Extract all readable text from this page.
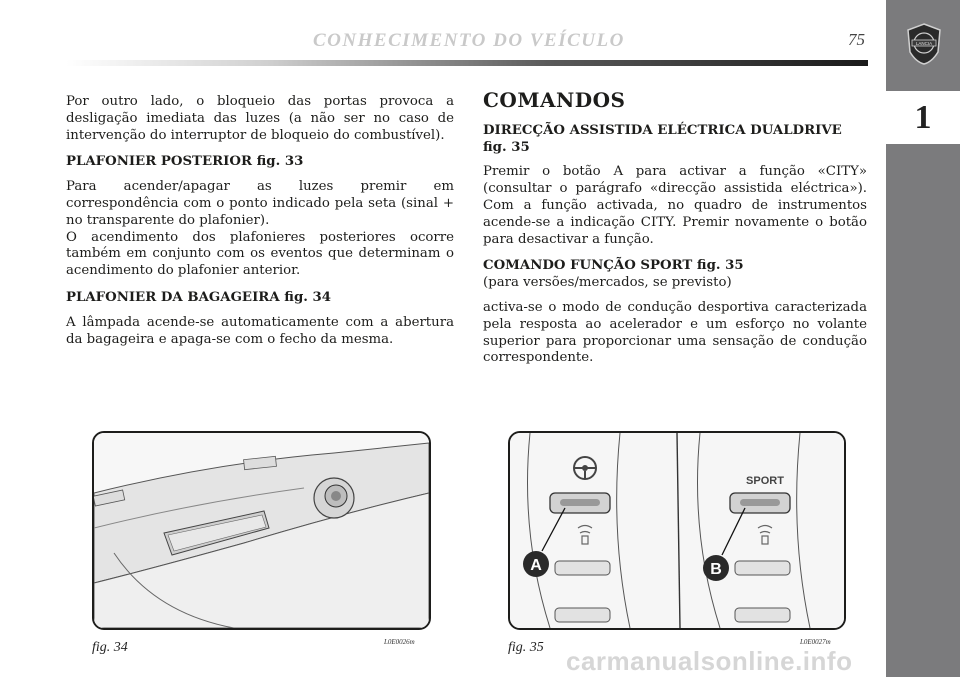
1
LANCIA
CONHECIMENTO DO VEÍCULO	75

Por outro lado, o bloqueio das portas provoca a desligação imediata das luzes (a não ser no caso de intervenção do interruptor de bloqueio do combustível).

PLAFONIER POSTERIOR fig. 33

Para acender/apagar as luzes premir em correspondência com o ponto indicado pela seta (sinal + no transparente do plafonier).

O acendimento dos plafonieres posteriores ocorre também em conjunto com os eventos que determinam o acendimento do plafonier anterior.

PLAFONIER DA BAGAGEIRA fig. 34

A lâmpada acende-se automaticamente com a abertura da bagageira e apaga-se com o fecho da mesma.

COMANDOS
DIRECÇÃO ASSISTIDA ELÉCTRICA DUALDRIVE fig. 35

Premir o botão A para activar a função «CITY» (consultar o parágrafo «direcção assistida eléctrica»). Com a função activada, no quadro de instrumentos acende-se a indicação CITY. Premir novamente o botão para desactivar a função.

COMANDO FUNÇÃO SPORT fig. 35

(para versões/mercados, se previsto)

activa-se o modo de condução desportiva caracterizada pela resposta ao acelerador e um esforço no volante superior para proporcionar uma sensação de condução correspondente.

fig. 34	L0E0026m
SPORT
A	B
fig. 35	L0E0027m
carmanualsonline.info
